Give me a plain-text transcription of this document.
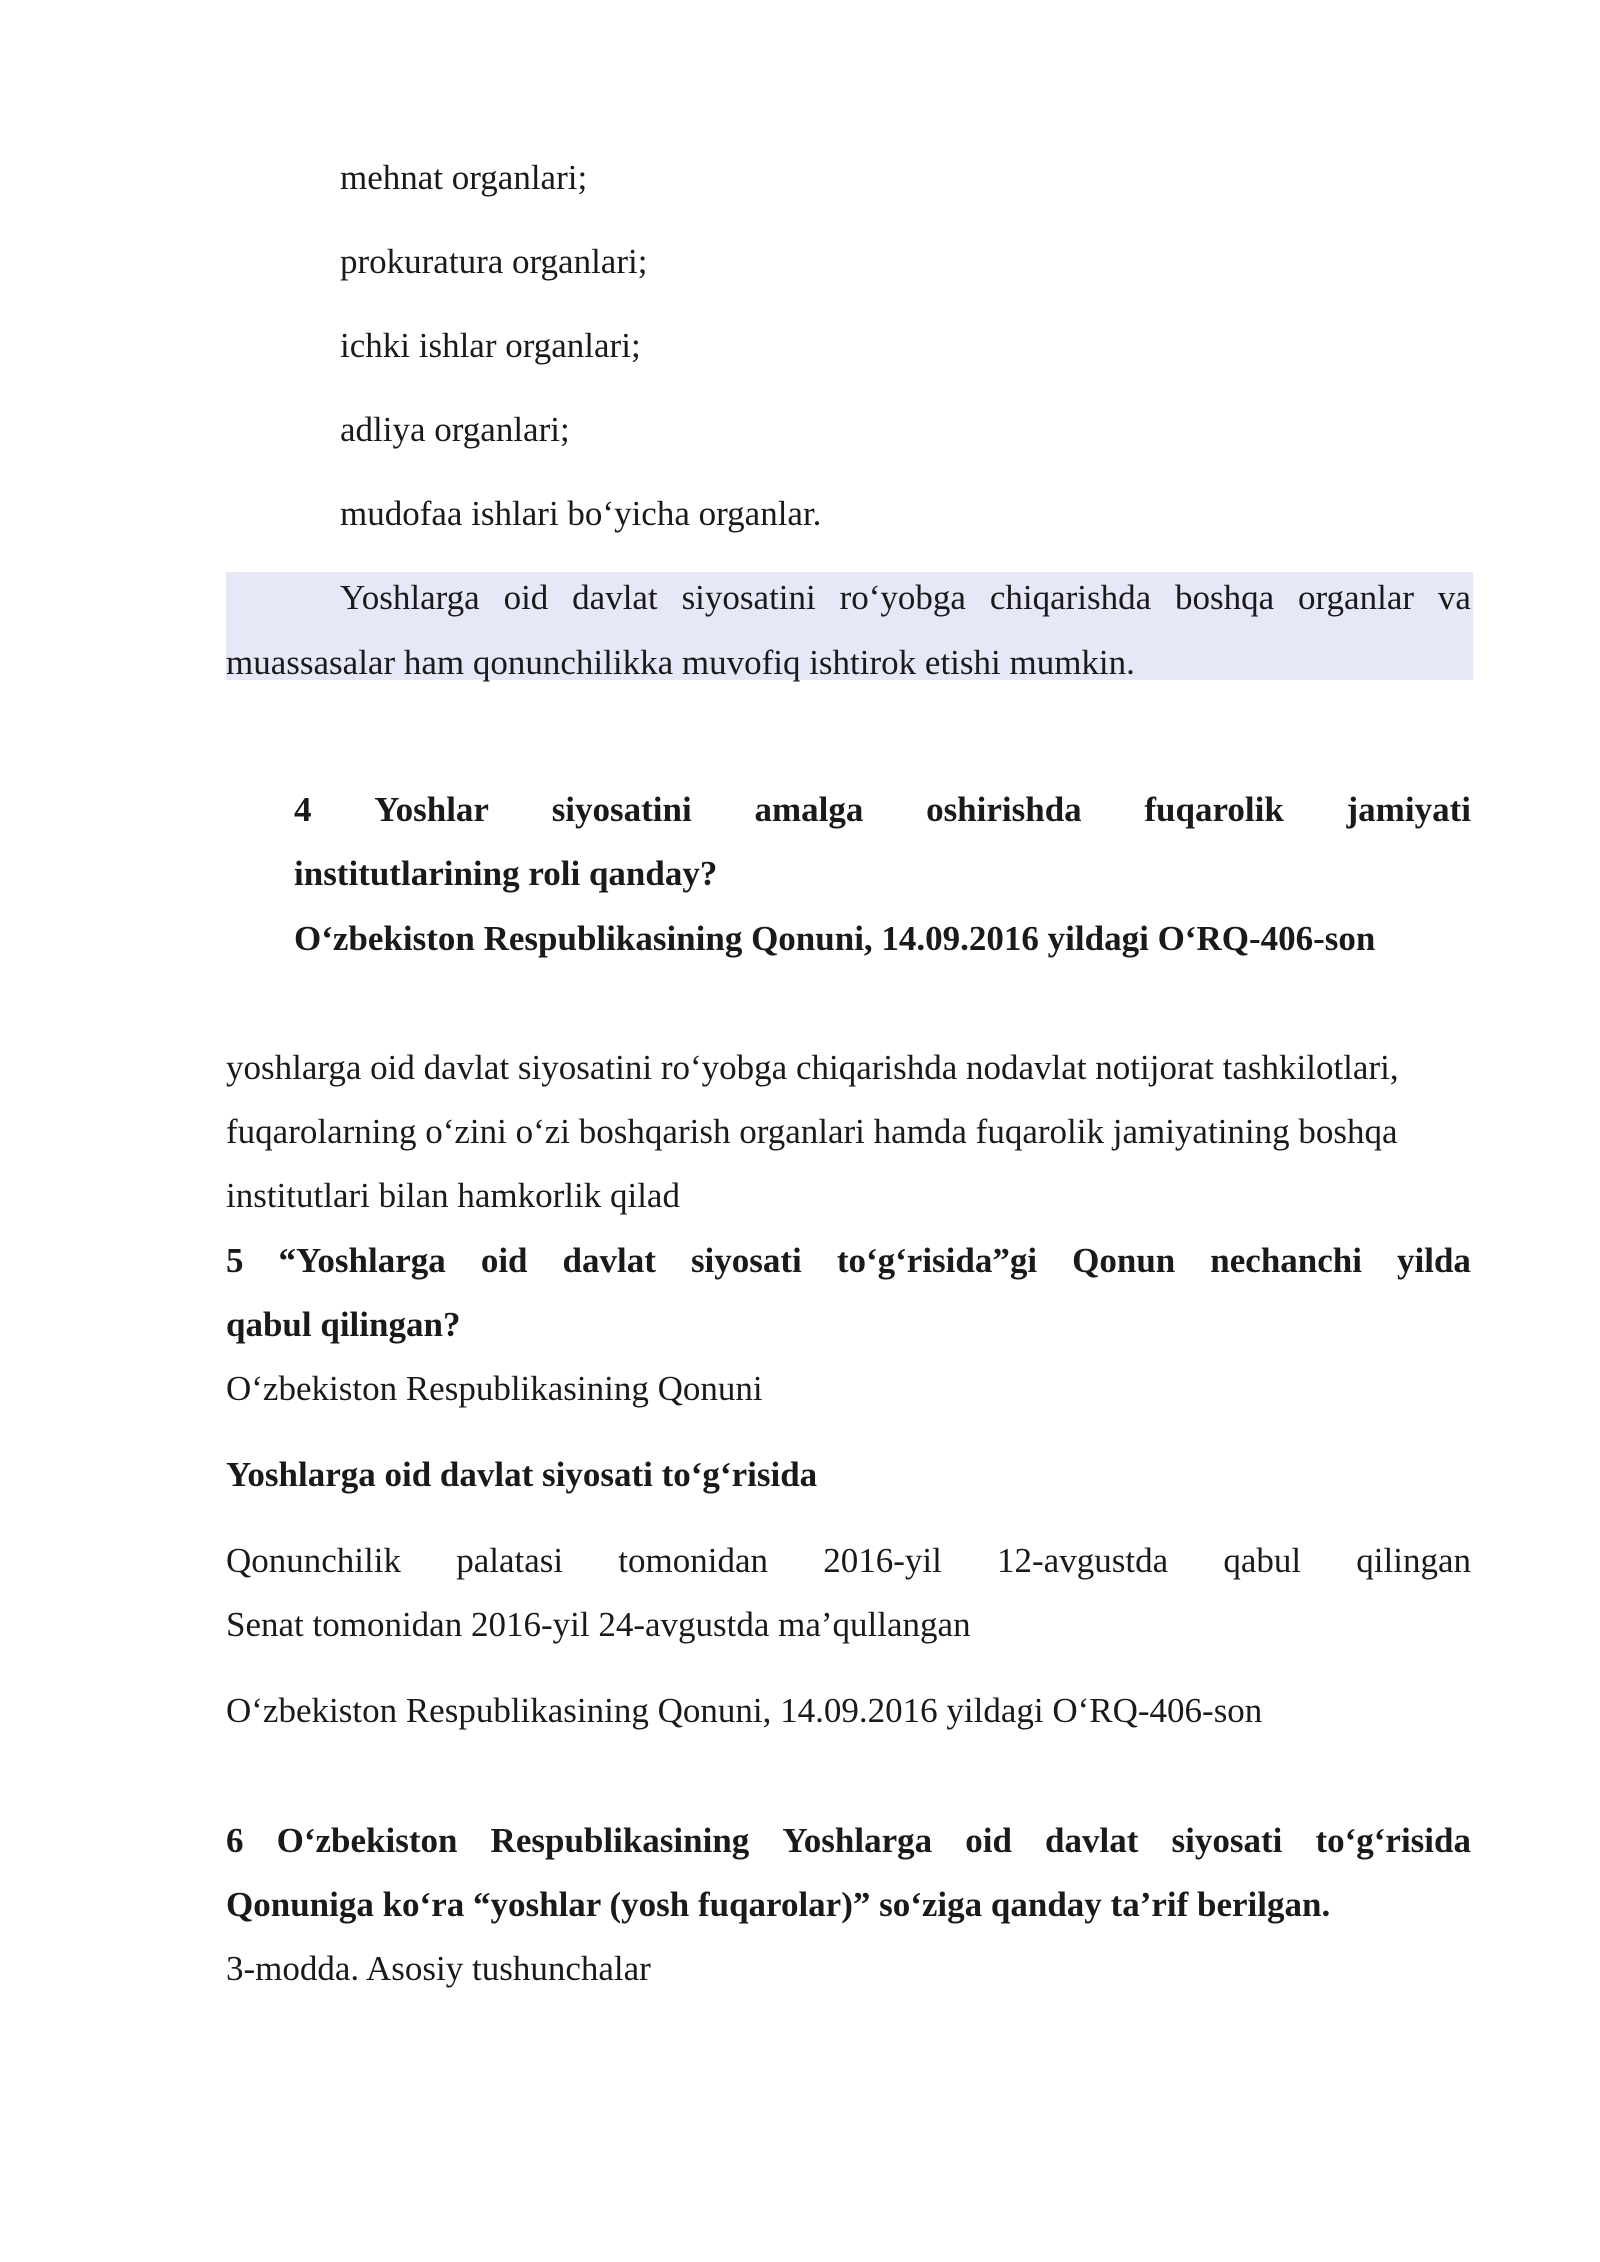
mehnat organlari;
prokuratura organlari;
ichki ishlar organlari;
adliya organlari;
mudofaa ishlari bo‘yicha organlar.
Yoshlarga oid davlat siyosatini ro‘yobga chiqarishda boshqa organlar va
muassasalar ham qonunchilikka muvofiq ishtirok etishi mumkin.
4 Yoshlar siyosatini amalga oshirishda fuqarolik jamiyati
institutlarining roli qanday?
O‘zbekiston Respublikasining Qonuni, 14.09.2016 yildagi O‘RQ-406-son
yoshlarga oid davlat siyosatini ro‘yobga chiqarishda nodavlat notijorat tashkilotlari,
fuqarolarning o‘zini o‘zi boshqarish organlari hamda fuqarolik jamiyatining boshqa
institutlari bilan hamkorlik qilad
5 “Yoshlarga oid davlat siyosati to‘g‘risida”gi Qonun nechanchi yilda
qabul qilingan?
O‘zbekiston Respublikasining Qonuni
Yoshlarga oid davlat siyosati to‘g‘risida
Qonunchilik palatasi tomonidan 2016-yil 12-avgustda qabul qilingan
Senat tomonidan 2016-yil 24-avgustda ma’qullangan
O‘zbekiston Respublikasining Qonuni, 14.09.2016 yildagi O‘RQ-406-son
6 O‘zbekiston Respublikasining Yoshlarga oid davlat siyosati to‘g‘risida
Qonuniga ko‘ra “yoshlar (yosh fuqarolar)” so‘ziga qanday ta’rif berilgan.
3-modda. Asosiy tushunchalar
